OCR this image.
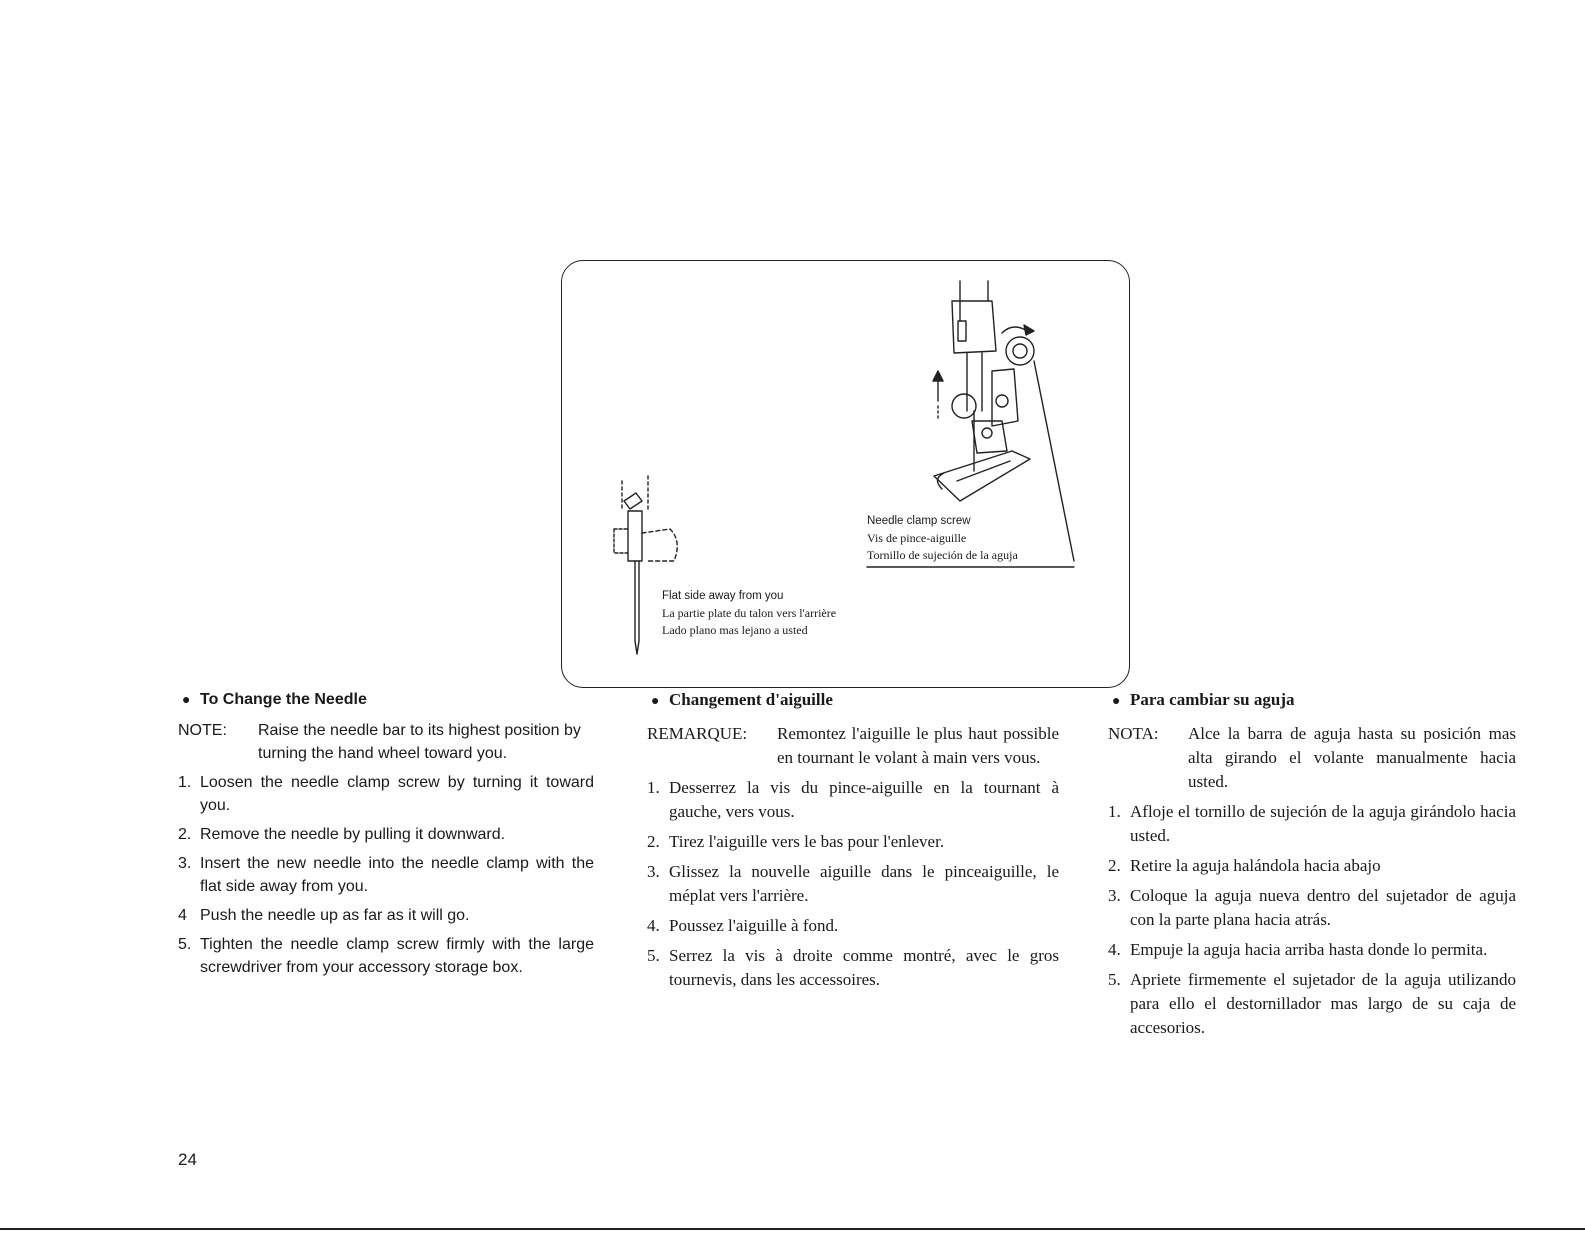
Needle clamp screw
Vis de pince-aiguille
Tornillo de sujeción de la aguja
Flat side away from you
La partie plate du talon vers l'arrière
Lado plano mas lejano a usted
● To Change the Needle
NOTE:	Raise the needle bar to its highest position by turning the hand wheel toward you.
1. Loosen the needle clamp screw by turning it toward you.
2. Remove the needle by pulling it downward.
3. Insert the new needle into the needle clamp with the flat side away from you.
4 Push the needle up as far as it will go.
5. Tighten the needle clamp screw firmly with the large screwdriver from your accessory storage box.
● Changement d'aiguille
REMARQUE:	Remontez l'aiguille le plus haut possible en tournant le volant à main vers vous.
1. Desserrez la vis du pince-aiguille en la tournant à gauche, vers vous.
2. Tirez l'aiguille vers le bas pour l'enlever.
3. Glissez la nouvelle aiguille dans le pinceaiguille, le méplat vers l'arrière.
4. Poussez l'aiguille à fond.
5. Serrez la vis à droite comme montré, avec le gros tournevis, dans les accessoires.
● Para cambiar su aguja
NOTA:	Alce la barra de aguja hasta su posición mas alta girando el volante manualmente hacia usted.
1. Afloje el tornillo de sujeción de la aguja girándolo hacia usted.
2. Retire la aguja halándola hacia abajo
3. Coloque la aguja nueva dentro del sujetador de aguja con la parte plana hacia atrás.
4. Empuje la aguja hacia arriba hasta donde lo permita.
5. Apriete firmemente el sujetador de la aguja utilizando para ello el destornillador mas largo de su caja de accesorios.
24
